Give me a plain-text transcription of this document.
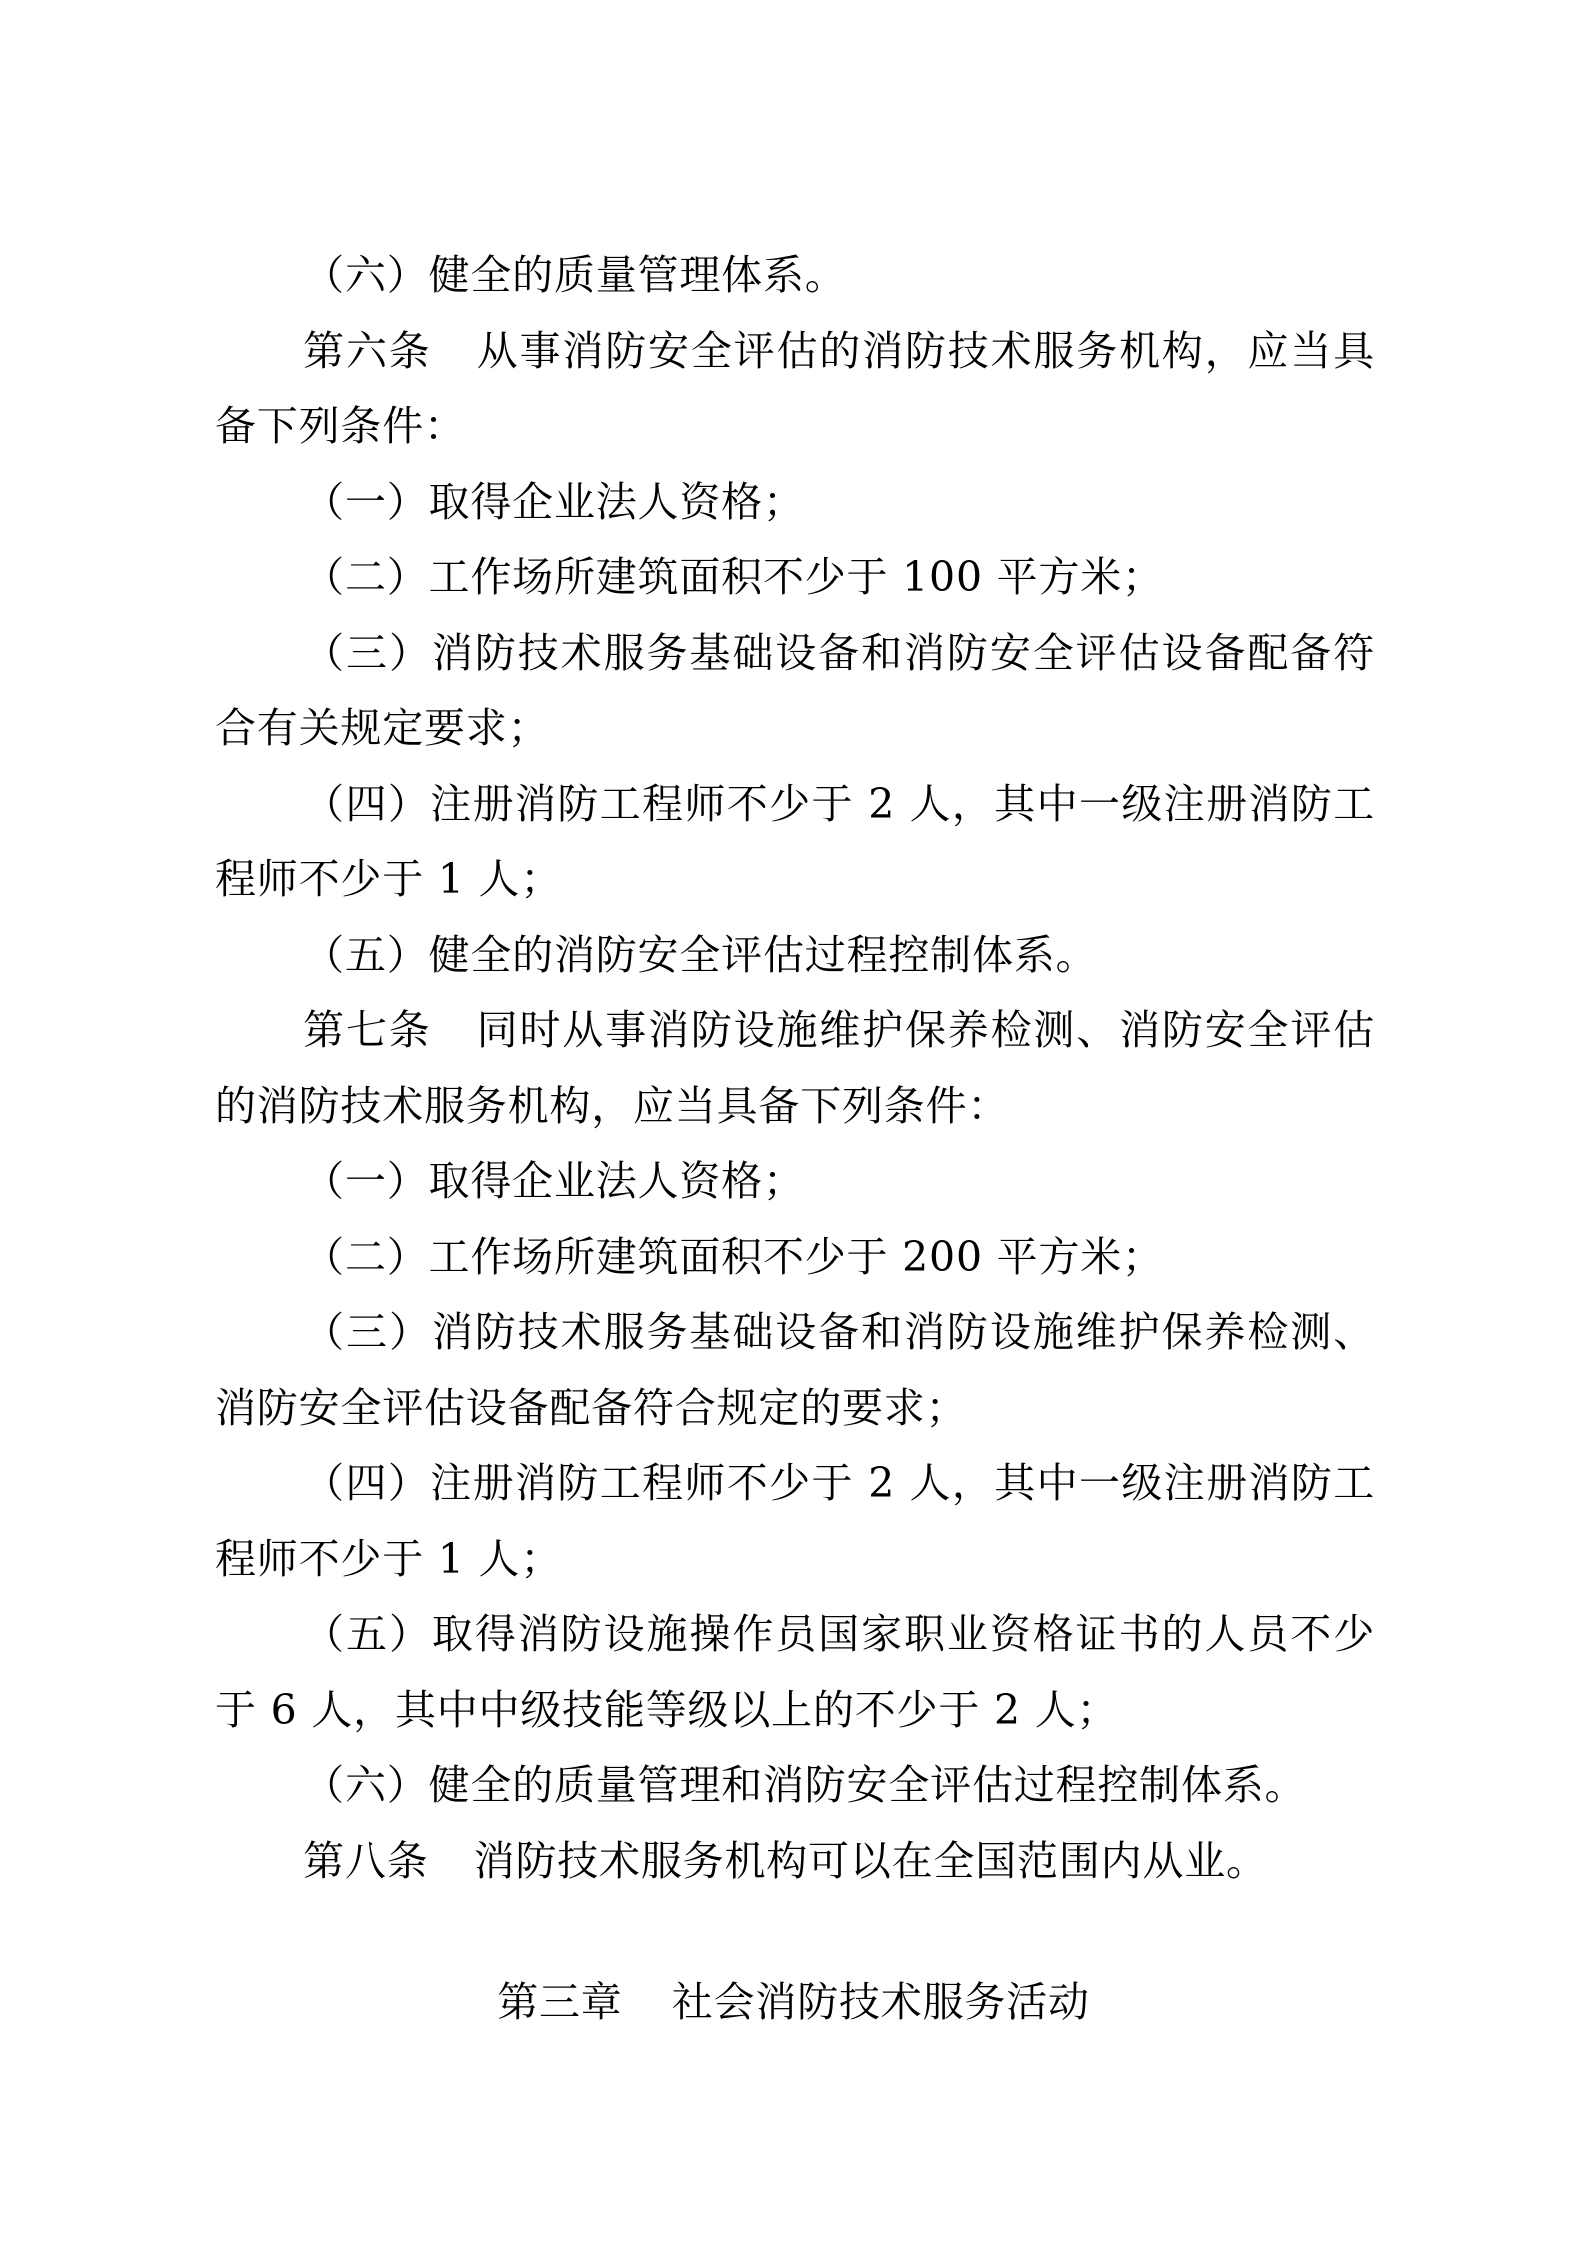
（六）健全的质量管理体系。

第六条 从事消防安全评估的消防技术服务机构，应当具备下列条件：

（一）取得企业法人资格；

（二）工作场所建筑面积不少于 100 平方米；

（三）消防技术服务基础设备和消防安全评估设备配备符合有关规定要求；

（四）注册消防工程师不少于 2 人，其中一级注册消防工程师不少于 1 人；

（五）健全的消防安全评估过程控制体系。

第七条 同时从事消防设施维护保养检测、消防安全评估的消防技术服务机构，应当具备下列条件：

（一）取得企业法人资格；

（二）工作场所建筑面积不少于 200 平方米；

（三）消防技术服务基础设备和消防设施维护保养检测、消防安全评估设备配备符合规定的要求；

（四）注册消防工程师不少于 2 人，其中一级注册消防工程师不少于 1 人；

（五）取得消防设施操作员国家职业资格证书的人员不少于 6 人，其中中级技能等级以上的不少于 2 人；

（六）健全的质量管理和消防安全评估过程控制体系。

第八条 消防技术服务机构可以在全国范围内从业。

第三章 社会消防技术服务活动
